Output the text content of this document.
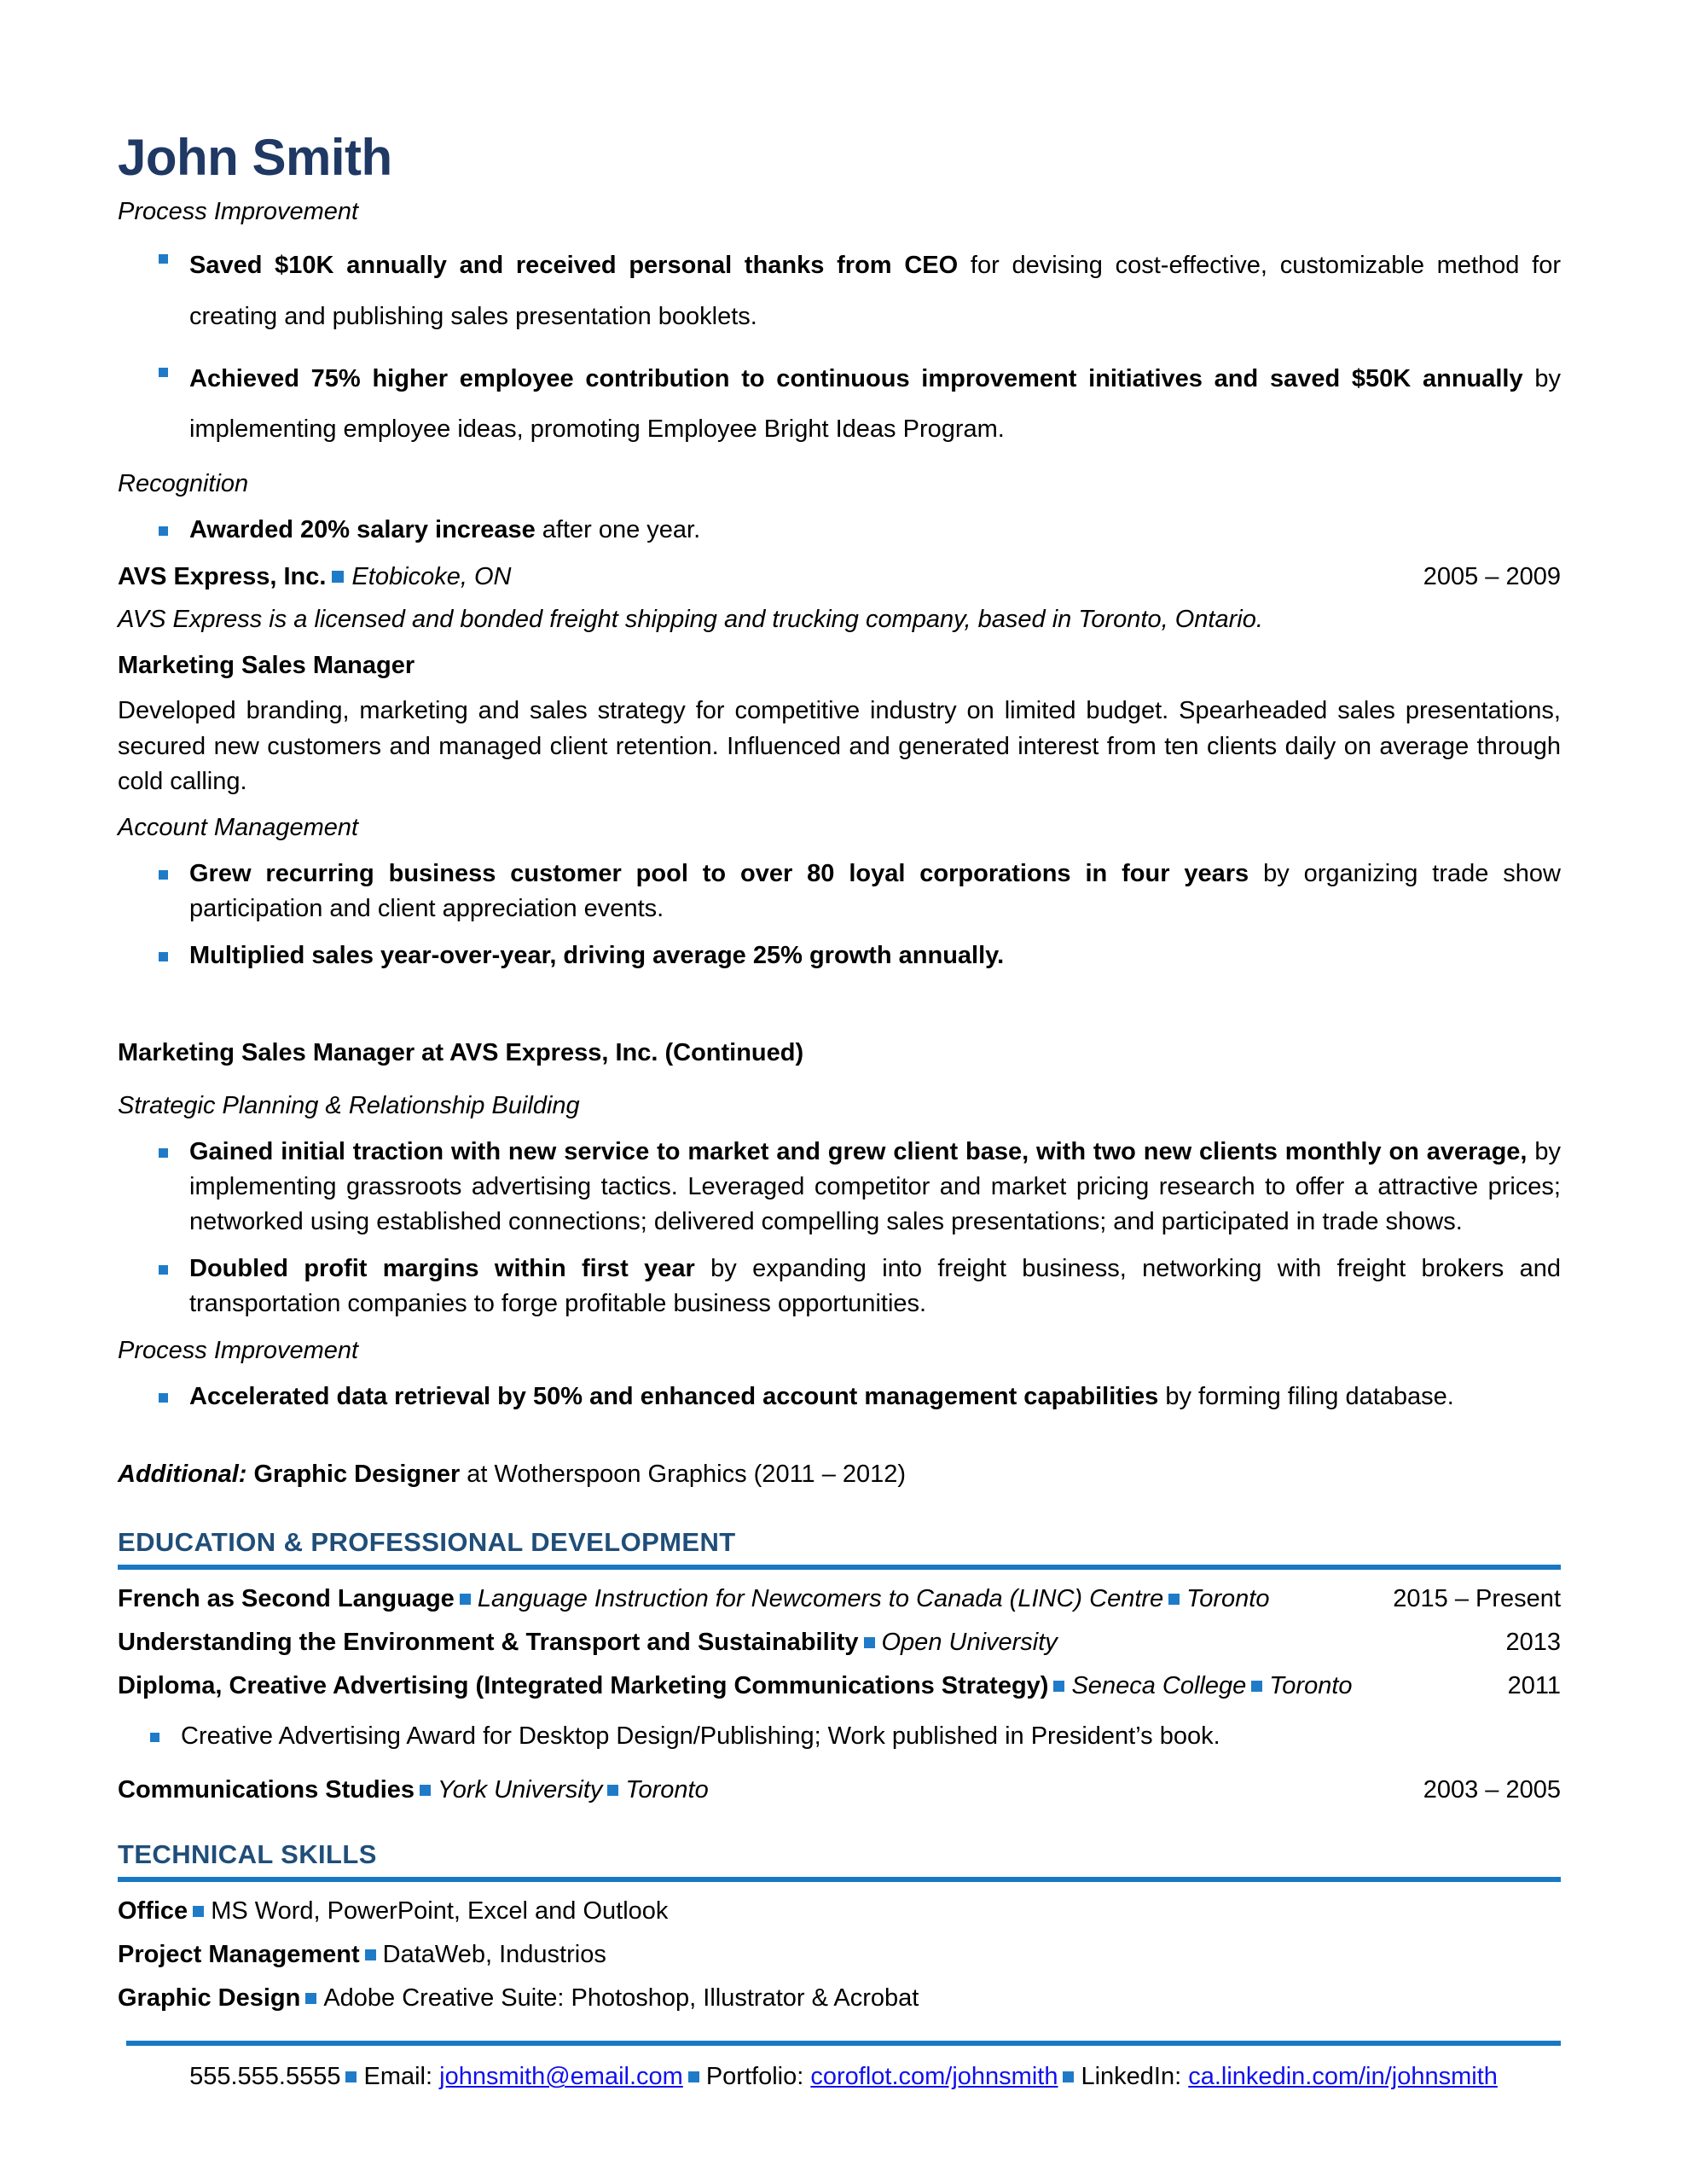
John Smith
Process Improvement
Saved $10K annually and received personal thanks from CEO for devising cost-effective, customizable method for creating and publishing sales presentation booklets.
Achieved 75% higher employee contribution to continuous improvement initiatives and saved $50K annually by implementing employee ideas, promoting Employee Bright Ideas Program.
Recognition
Awarded 20% salary increase after one year.
AVS Express, Inc. Etobicoke, ON	2005 – 2009
AVS Express is a licensed and bonded freight shipping and trucking company, based in Toronto, Ontario.
Marketing Sales Manager
Developed branding, marketing and sales strategy for competitive industry on limited budget. Spearheaded sales presentations, secured new customers and managed client retention. Influenced and generated interest from ten clients daily on average through cold calling.
Account Management
Grew recurring business customer pool to over 80 loyal corporations in four years by organizing trade show participation and client appreciation events.
Multiplied sales year-over-year, driving average 25% growth annually.
Marketing Sales Manager at AVS Express, Inc. (Continued)
Strategic Planning & Relationship Building
Gained initial traction with new service to market and grew client base, with two new clients monthly on average, by implementing grassroots advertising tactics. Leveraged competitor and market pricing research to offer a attractive prices; networked using established connections; delivered compelling sales presentations; and participated in trade shows.
Doubled profit margins within first year by expanding into freight business, networking with freight brokers and transportation companies to forge profitable business opportunities.
Process Improvement
Accelerated data retrieval by 50% and enhanced account management capabilities by forming filing database.
Additional: Graphic Designer at Wotherspoon Graphics (2011 – 2012)
EDUCATION & PROFESSIONAL DEVELOPMENT
French as Second Language Language Instruction for Newcomers to Canada (LINC) Centre Toronto	2015 – Present
Understanding the Environment & Transport and Sustainability Open University	2013
Diploma, Creative Advertising (Integrated Marketing Communications Strategy) Seneca College Toronto	2011
Creative Advertising Award for Desktop Design/Publishing; Work published in President’s book.
Communications Studies York University Toronto	2003 – 2005
TECHNICAL SKILLS
Office MS Word, PowerPoint, Excel and Outlook
Project Management DataWeb, Industrios
Graphic Design Adobe Creative Suite: Photoshop, Illustrator & Acrobat
555.555.5555 Email: johnsmith@email.com Portfolio: coroflot.com/johnsmith LinkedIn: ca.linkedin.com/in/johnsmith
